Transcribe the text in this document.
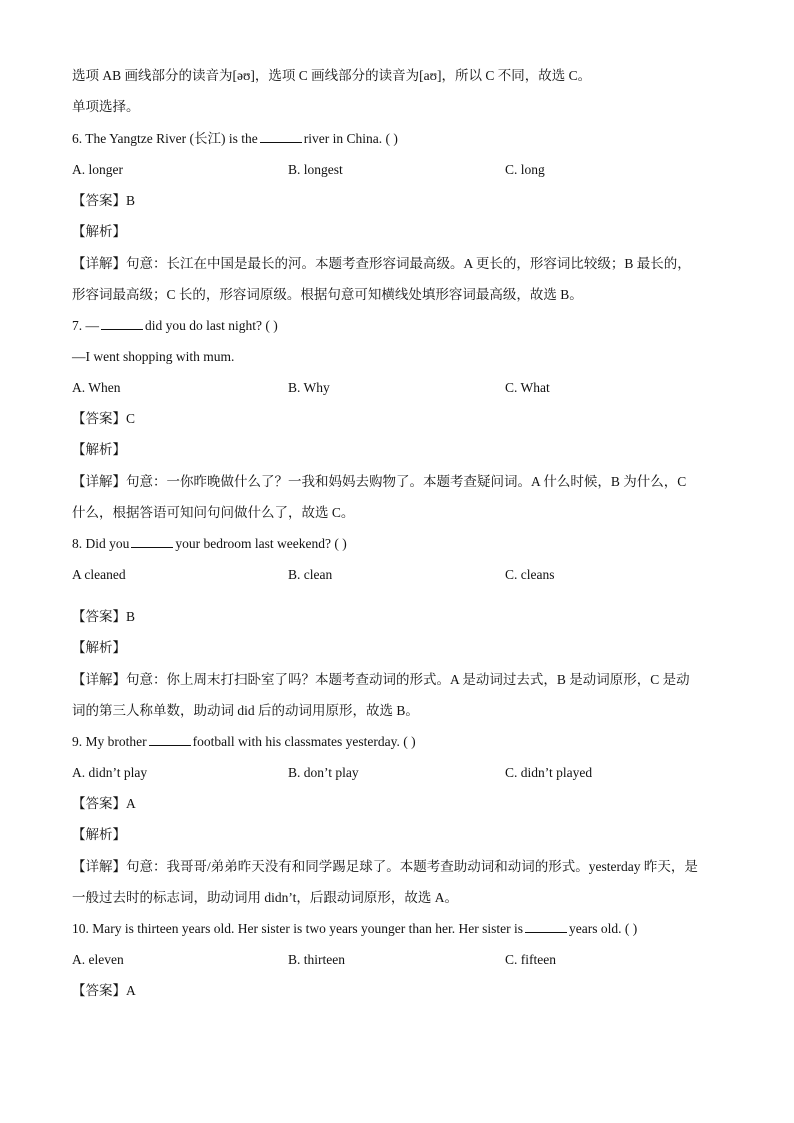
选项 AB 画线部分的读音为[əʊ]，选项 C 画线部分的读音为[aʊ]，所以 C 不同，故选 C。
单项选择。
6. The Yangtze River (长江) is the	river in China. ( )
A. longer	B. longest	C. long
【答案】B
【解析】
【详解】句意：长江在中国是最长的河。本题考查形容词最高级。A 更长的，形容词比较级；B 最长的，
形容词最高级；C 长的，形容词原级。根据句意可知横线处填形容词最高级，故选 B。
7. —	did you do last night? ( )
—I went shopping with mum.
A. When	B. Why	C. What
【答案】C
【解析】
【详解】句意：一你昨晚做什么了？一我和妈妈去购物了。本题考查疑问词。A 什么时候，B 为什么，C
什么，根据答语可知问句问做什么了，故选 C。
8. Did you	your bedroom last weekend? ( )
A cleaned	B. clean	C. cleans
【答案】B
【解析】
【详解】句意：你上周末打扫卧室了吗？本题考查动词的形式。A 是动词过去式，B 是动词原形，C 是动
词的第三人称单数，助动词 did 后的动词用原形，故选 B。
9. My brother	football with his classmates yesterday. ( )
A. didn’t play	B. don’t play	C. didn’t played
【答案】A
【解析】
【详解】句意：我哥哥/弟弟昨天没有和同学踢足球了。本题考查助动词和动词的形式。yesterday 昨天，是
一般过去时的标志词，助动词用 didn’t，后跟动词原形，故选 A。
10. Mary is thirteen years old. Her sister is two years younger than her. Her sister is	years old. ( )
A. eleven	B. thirteen	C. fifteen
【答案】A
